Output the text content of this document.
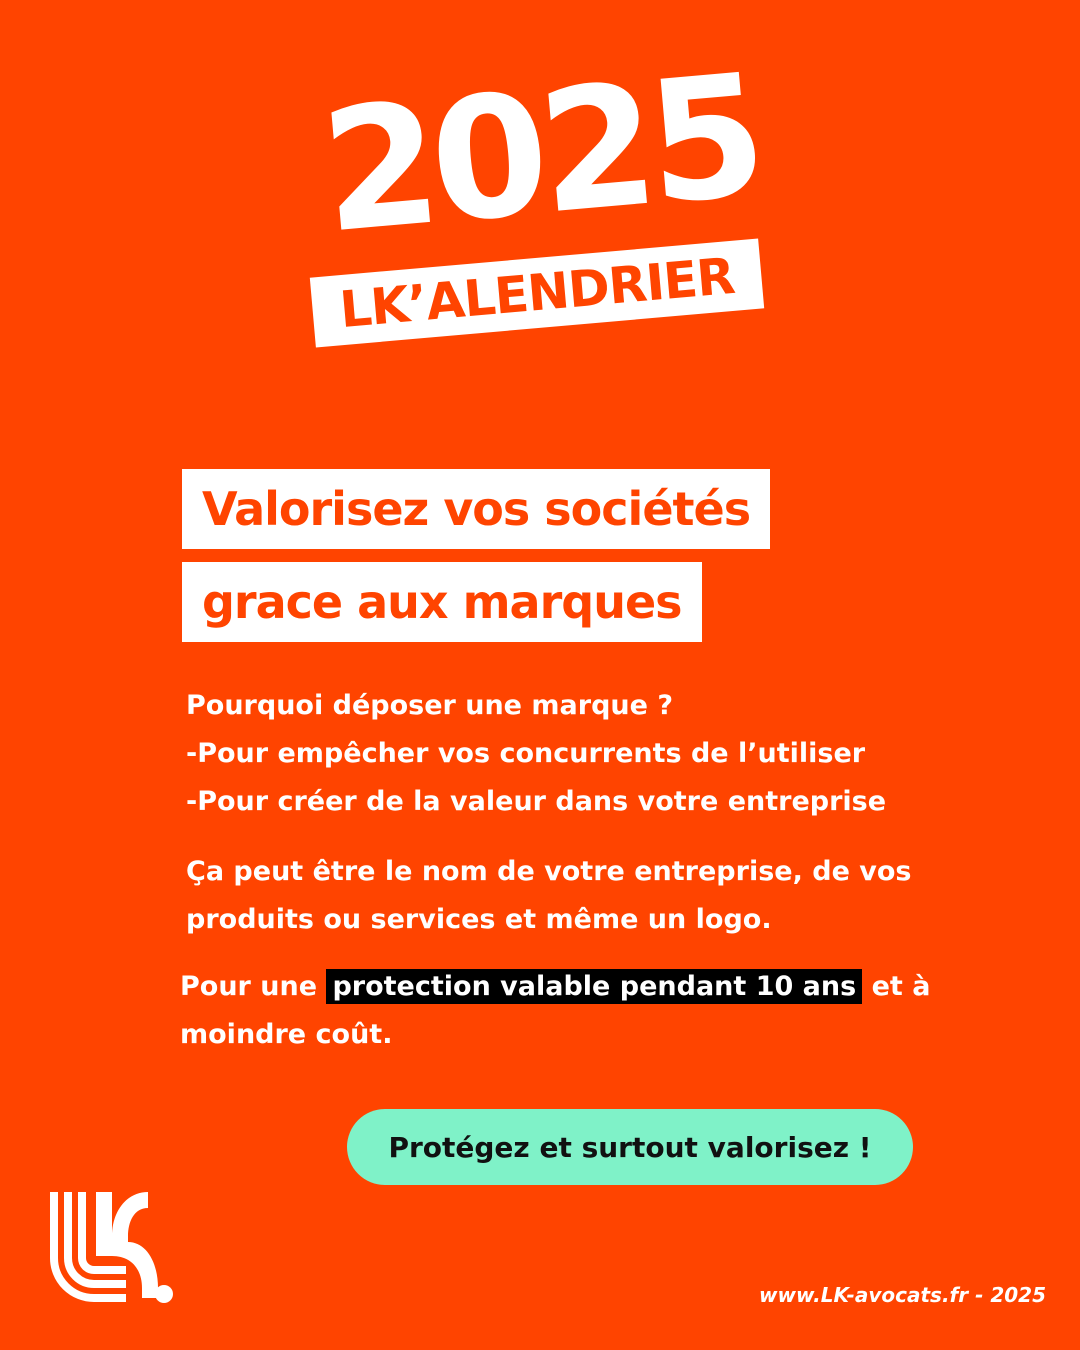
2025
LK’ALENDRIER
Valorisez vos sociétés
grace aux marques
Pourquoi déposer une marque ?
-Pour empêcher vos concurrents de l’utiliser
-Pour créer de la valeur dans votre entreprise
Ça peut être le nom de votre entreprise, de vos
produits ou services et même un logo.
Pour une protection valable pendant 10 ans et à
moindre coût.
Protégez et surtout valorisez !
www.LK-avocats.fr - 2025
